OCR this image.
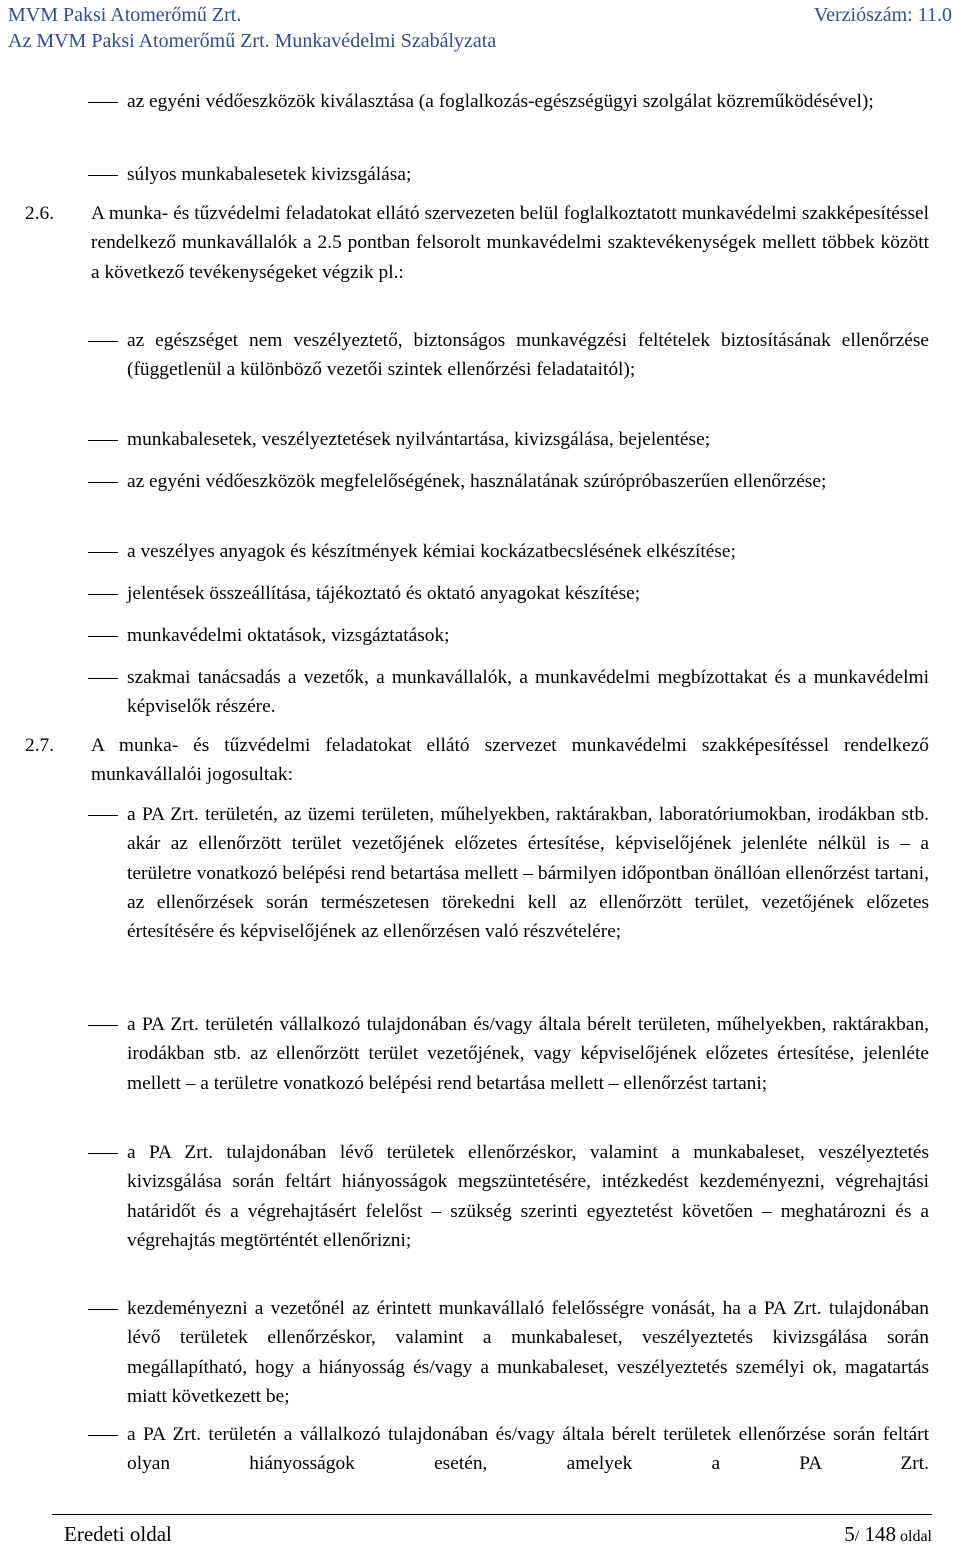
MVM Paksi Atomerőmű Zrt.	Verziószám: 11.0
Az MVM Paksi Atomerőmű Zrt. Munkavédelmi Szabályzata
az egyéni védőeszközök kiválasztása (a foglalkozás-egészségügyi szolgálat közreműködésével);
súlyos munkabalesetek kivizsgálása;
2.6. A munka- és tűzvédelmi feladatokat ellátó szervezeten belül foglalkoztatott munkavédelmi szakképesítéssel rendelkező munkavállalók a 2.5 pontban felsorolt munkavédelmi szaktevékenységek mellett többek között a következő tevékenységeket végzik pl.:
az egészséget nem veszélyeztető, biztonságos munkavégzési feltételek biztosításának ellenőrzése (függetlenül a különböző vezetői szintek ellenőrzési feladataitól);
munkabalesetek, veszélyeztetések nyilvántartása, kivizsgálása, bejelentése;
az egyéni védőeszközök megfelelőségének, használatának szúrópróbaszerűen ellenőrzése;
a veszélyes anyagok és készítmények kémiai kockázatbecslésének elkészítése;
jelentések összeállítása, tájékoztató és oktató anyagokat készítése;
munkavédelmi oktatások, vizsgáztatások;
szakmai tanácsadás a vezetők, a munkavállalók, a munkavédelmi megbízottakat és a munkavédelmi képviselők részére.
2.7. A munka- és tűzvédelmi feladatokat ellátó szervezet munkavédelmi szakképesítéssel rendelkező munkavállalói jogosultak:
a PA Zrt. területén, az üzemi területen, műhelyekben, raktárakban, laboratóriumokban, irodákban stb. akár az ellenőrzött terület vezetőjének előzetes értesítése, képviselőjének jelenléte nélkül is – a területre vonatkozó belépési rend betartása mellett – bármilyen időpontban önállóan ellenőrzést tartani, az ellenőrzések során természetesen törekedni kell az ellenőrzött terület, vezetőjének előzetes értesítésére és képviselőjének az ellenőrzésen való részvételére;
a PA Zrt. területén vállalkozó tulajdonában és/vagy általa bérelt területen, műhelyekben, raktárakban, irodákban stb. az ellenőrzött terület vezetőjének, vagy képviselőjének előzetes értesítése, jelenléte mellett – a területre vonatkozó belépési rend betartása mellett – ellenőrzést tartani;
a PA Zrt. tulajdonában lévő területek ellenőrzéskor, valamint a munkabaleset, veszélyeztetés kivizsgálása során feltárt hiányosságok megszüntetésére, intézkedést kezdeményezni, végrehajtási határidőt és a végrehajtásért felelőst – szükség szerinti egyeztetést követően – meghatározni és a végrehajtás megtörténtét ellenőrizni;
kezdeményezni a vezetőnél az érintett munkavállaló felelősségre vonását, ha a PA Zrt. tulajdonában lévő területek ellenőrzéskor, valamint a munkabaleset, veszélyeztetés kivizsgálása során megállapítható, hogy a hiányosság és/vagy a munkabaleset, veszélyeztetés személyi ok, magatartás miatt következett be;
a PA Zrt. területén a vállalkozó tulajdonában és/vagy általa bérelt területek ellenőrzése során feltárt olyan hiányosságok esetén, amelyek a PA Zrt.
Eredeti oldal	5/ 148 oldal
